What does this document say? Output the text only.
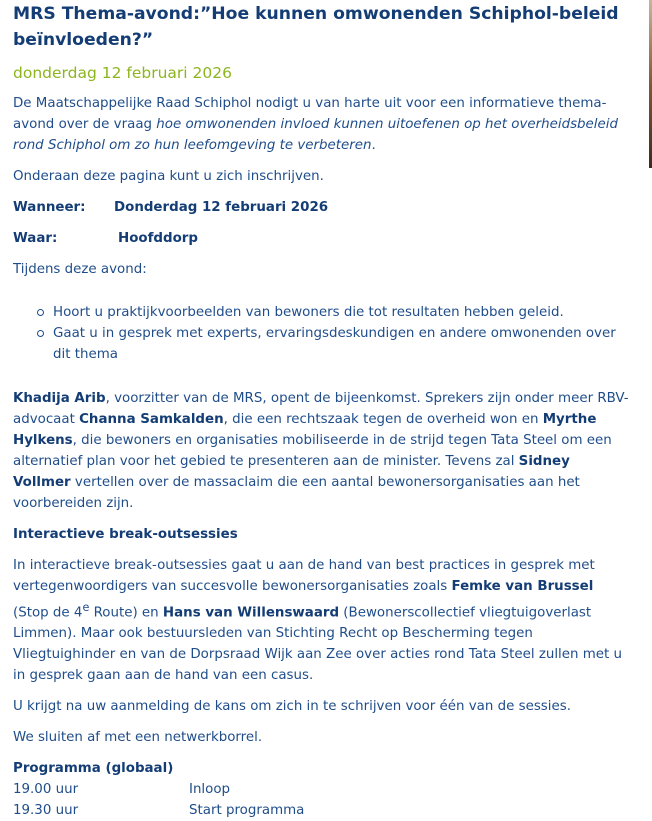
MRS Thema-avond:”Hoe kunnen omwonenden Schiphol-beleid beïnvloeden?”
donderdag 12 februari 2026

De Maatschappelijke Raad Schiphol nodigt u van harte uit voor een informatieve thema-avond over de vraag hoe omwonenden invloed kunnen uitoefenen op het overheidsbeleid rond Schiphol om zo hun leefomgeving te verbeteren.

Onderaan deze pagina kunt u zich inschrijven.

Wanneer:	Donderdag 12 februari 2026
Waar:	Hoofddorp

Tijdens deze avond:

Hoort u praktijkvoorbeelden van bewoners die tot resultaten hebben geleid.
Gaat u in gesprek met experts, ervaringsdeskundigen en andere omwonenden over dit thema

Khadija Arib, voorzitter van de MRS, opent de bijeenkomst. Sprekers zijn onder meer RBV-advocaat Channa Samkalden, die een rechtszaak tegen de overheid won en Myrthe Hylkens, die bewoners en organisaties mobiliseerde in de strijd tegen Tata Steel om een alternatief plan voor het gebied te presenteren aan de minister. Tevens zal Sidney Vollmer vertellen over de massaclaim die een aantal bewonersorganisaties aan het voorbereiden zijn.

Interactieve break-outsessies

In interactieve break-outsessies gaat u aan de hand van best practices in gesprek met vertegenwoordigers van succesvolle bewonersorganisaties zoals Femke van Brussel (Stop de 4e Route) en Hans van Willenswaard (Bewonerscollectief vliegtuigoverlast Limmen). Maar ook bestuursleden van Stichting Recht op Bescherming tegen Vliegtuighinder en van de Dorpsraad Wijk aan Zee over acties rond Tata Steel zullen met u in gesprek gaan aan de hand van een casus.

U krijgt na uw aanmelding de kans om zich in te schrijven voor één van de sessies.

We sluiten af met een netwerkborrel.

Programma (globaal)

19.00 uur	Inloop
19.30 uur	Start programma
